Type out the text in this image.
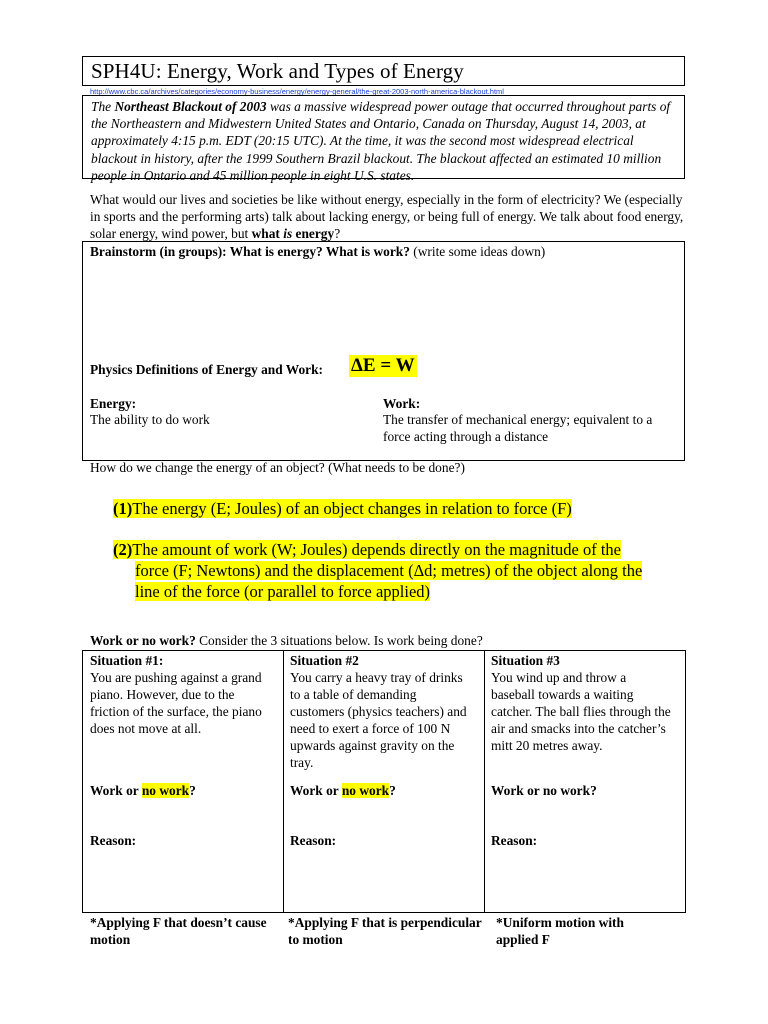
SPH4U: Energy, Work and Types of Energy
http://www.cbc.ca/archives/categories/economy-business/energy/energy-general/the-great-2003-north-america-blackout.html

The Northeast Blackout of 2003 was a massive widespread power outage that occurred throughout parts of the Northeastern and Midwestern United States and Ontario, Canada on Thursday, August 14, 2003, at approximately 4:15 p.m. EDT (20:15 UTC). At the time, it was the second most widespread electrical blackout in history, after the 1999 Southern Brazil blackout. The blackout affected an estimated 10 million people in Ontario and 45 million people in eight U.S. states.

What would our lives and societies be like without energy, especially in the form of electricity? We (especially in sports and the performing arts) talk about lacking energy, or being full of energy. We talk about food energy, solar energy, wind power, but what is energy?
Brainstorm (in groups): What is energy? What is work? (write some ideas down)
Physics Definitions of Energy and Work: ΔE = W
Energy:
The ability to do work
Work:
The transfer of mechanical energy; equivalent to a
force acting through a distance
How do we change the energy of an object? (What needs to be done?)
(1)The energy (E; Joules) of an object changes in relation to force (F)
(2)The amount of work (W; Joules) depends directly on the magnitude of the
force (F; Newtons) and the displacement (Δd; metres) of the object along the
line of the force (or parallel to force applied)
Work or no work? Consider the 3 situations below. Is work being done?
Situation #1:
You are pushing against a grand
piano. However, due to the
friction of the surface, the piano
does not move at all.
Work or no work?
Reason:
Situation #2
You carry a heavy tray of drinks
to a table of demanding
customers (physics teachers) and
need to exert a force of 100 N
upwards against gravity on the
tray.
Work or no work?
Reason:
Situation #3
You wind up and throw a
baseball towards a waiting
catcher. The ball flies through the
air and smacks into the catcher’s
mitt 20 metres away.
Work or no work?
Reason:
*Applying F that doesn’t cause
motion
*Applying F that is perpendicular
to motion
*Uniform motion with
applied F
